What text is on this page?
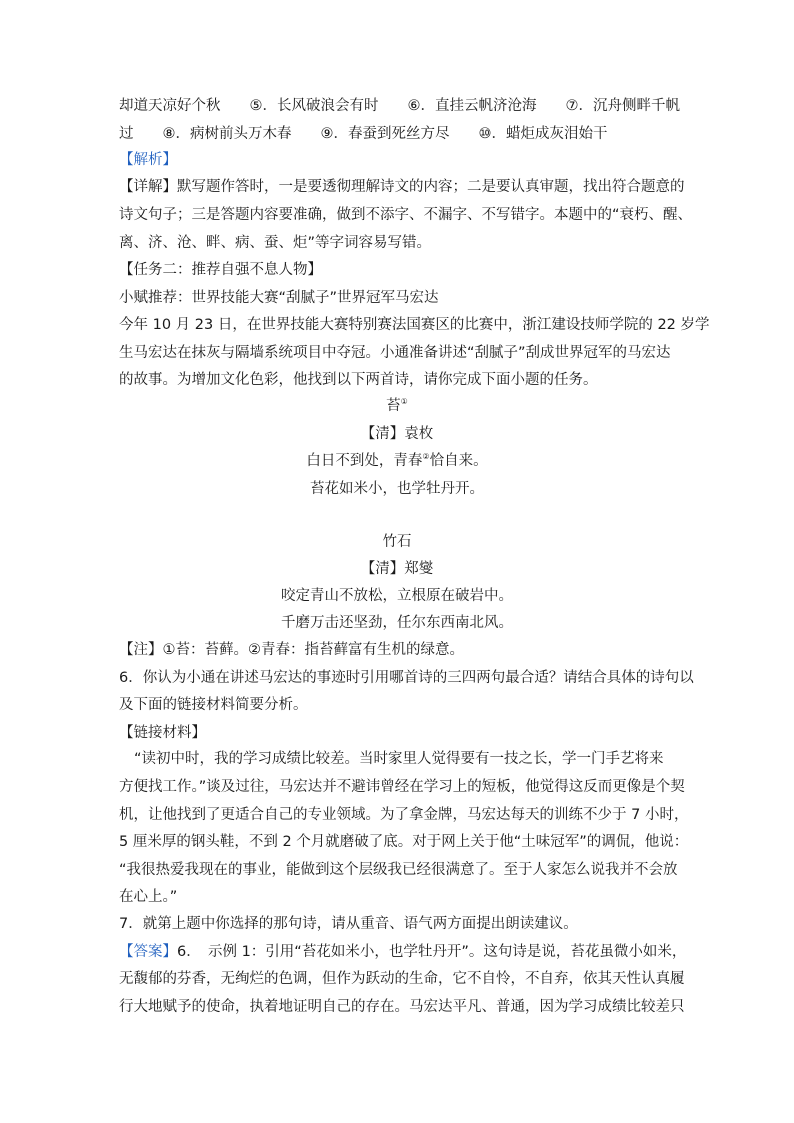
却道天凉好个秋　　⑤．长风破浪会有时　　⑥．直挂云帆济沧海　　⑦．沉舟侧畔千帆
过　　⑧．病树前头万木春　　⑨．春蚕到死丝方尽　　⑩．蜡炬成灰泪始干
【解析】
【详解】默写题作答时，一是要透彻理解诗文的内容；二是要认真审题，找出符合题意的
诗文句子；三是答题内容要准确，做到不添字、不漏字、不写错字。本题中的“衰朽、醒、
离、济、沧、畔、病、蚕、炬”等字词容易写错。
【任务二：推荐自强不息人物】
小赋推荐：世界技能大赛“刮腻子”世界冠军马宏达
今年 10 月 23 日，在世界技能大赛特别赛法国赛区的比赛中，浙江建设技师学院的 22 岁学
生马宏达在抹灰与隔墙系统项目中夺冠。小通准备讲述“刮腻子”刮成世界冠军的马宏达
的故事。为增加文化色彩，他找到以下两首诗，请你完成下面小题的任务。
苔①
【清】袁枚
白日不到处，青春②恰自来。
苔花如米小，也学牡丹开。
竹石
【清】郑燮
咬定青山不放松，立根原在破岩中。
千磨万击还坚劲，任尔东西南北风。
【注】①苔：苔藓。②青春：指苔藓富有生机的绿意。
6．你认为小通在讲述马宏达的事迹时引用哪首诗的三四两句最合适？请结合具体的诗句以
及下面的链接材料简要分析。
【链接材料】
“读初中时，我的学习成绩比较差。当时家里人觉得要有一技之长，学一门手艺将来
方便找工作。”谈及过往，马宏达并不避讳曾经在学习上的短板，他觉得这反而更像是个契
机，让他找到了更适合自己的专业领域。为了拿金牌，马宏达每天的训练不少于 7 小时，
5 厘米厚的钢头鞋，不到 2 个月就磨破了底。对于网上关于他“土味冠军”的调侃，他说：
“我很热爱我现在的事业，能做到这个层级我已经很满意了。至于人家怎么说我并不会放
在心上。”
7．就第上题中你选择的那句诗，请从重音、语气两方面提出朗读建议。
【答案】6．　示例 1：引用“苔花如米小，也学牡丹开”。这句诗是说，苔花虽微小如米，
无馥郁的芬香，无绚烂的色调，但作为跃动的生命，它不自怜，不自弃，依其天性认真履
行大地赋予的使命，执着地证明自己的存在。马宏达平凡、普通，因为学习成绩比较差只
